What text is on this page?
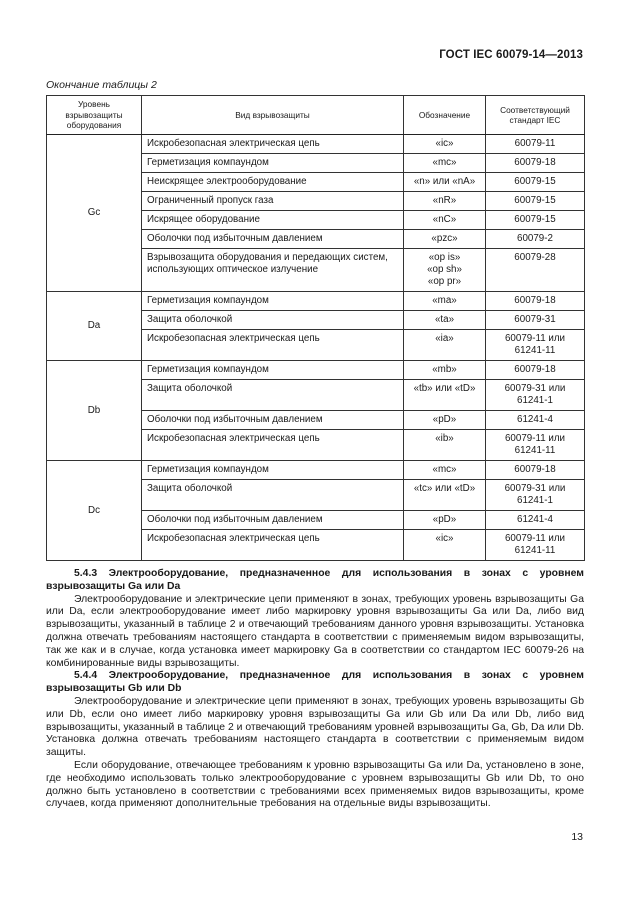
ГОСТ IEC 60079-14—2013
Окончание таблицы 2
Уровень взрывозащиты оборудования	Вид взрывозащиты	Обозначение	Соответствующий стандарт IEC
Gc	Искробезопасная электрическая цепь	«ic»	60079-11
	Герметизация компаундом	«mc»	60079-18
	Неискрящее электрооборудование	«n» или «nA»	60079-15
	Ограниченный пропуск газа	«nR»	60079-15
	Искрящее оборудование	«nC»	60079-15
	Оболочки под избыточным давлением	«pzc»	60079-2
	Взрывозащита оборудования и передающих систем, использующих оптическое излучение	«op is»
«op sh»
«op pr»	60079-28
Da	Герметизация компаундом	«ma»	60079-18
	Защита оболочкой	«ta»	60079-31
	Искробезопасная электрическая цепь	«ia»	60079-11 или
61241-11
Db	Герметизация компаундом	«mb»	60079-18
	Защита оболочкой	«tb» или «tD»	60079-31 или
61241-1
	Оболочки под избыточным давлением	«pD»	61241-4
	Искробезопасная электрическая цепь	«ib»	60079-11 или
61241-11
Dc	Герметизация компаундом	«mc»	60079-18
	Защита оболочкой	«tc» или «tD»	60079-31 или
61241-1
	Оболочки под избыточным давлением	«pD»	61241-4
	Искробезопасная электрическая цепь	«ic»	60079-11 или
61241-11

5.4.3 Электрооборудование, предназначенное для использования в зонах с уровнем взрывозащиты Ga или Da

Электрооборудование и электрические цепи применяют в зонах, требующих уровень взрывозащиты Ga или Da, если электрооборудование имеет либо маркировку уровня взрывозащиты Ga или Da, либо вид взрывозащиты, указанный в таблице 2 и отвечающий требованиям данного уровня взрывозащиты. Установка должна отвечать требованиям настоящего стандарта в соответствии с применяемым видом взрывозащиты, так же как и в случае, когда установка имеет маркировку Ga в соответствии со стандартом IEC 60079-26 на комбинированные виды взрывозащиты.

5.4.4 Электрооборудование, предназначенное для использования в зонах с уровнем взрывозащиты Gb или Db

Электрооборудование и электрические цепи применяют в зонах, требующих уровень взрывозащиты Gb или Db, если оно имеет либо маркировку уровня взрывозащиты Ga или Gb или Da или Db, либо вид взрывозащиты, указанный в таблице 2 и отвечающий требованиям уровней взрывозащиты Ga, Gb, Da или Db. Установка должна отвечать требованиям настоящего стандарта в соответствии с применяемым видом защиты.

Если оборудование, отвечающее требованиям к уровню взрывозащиты Ga или Da, установлено в зоне, где необходимо использовать только электрооборудование с уровнем взрывозащиты Gb или Db, то оно должно быть установлено в соответствии с требованиями всех применяемых видов взрывозащиты, кроме случаев, когда применяют дополнительные требования на отдельные виды взрывозащиты.

13
